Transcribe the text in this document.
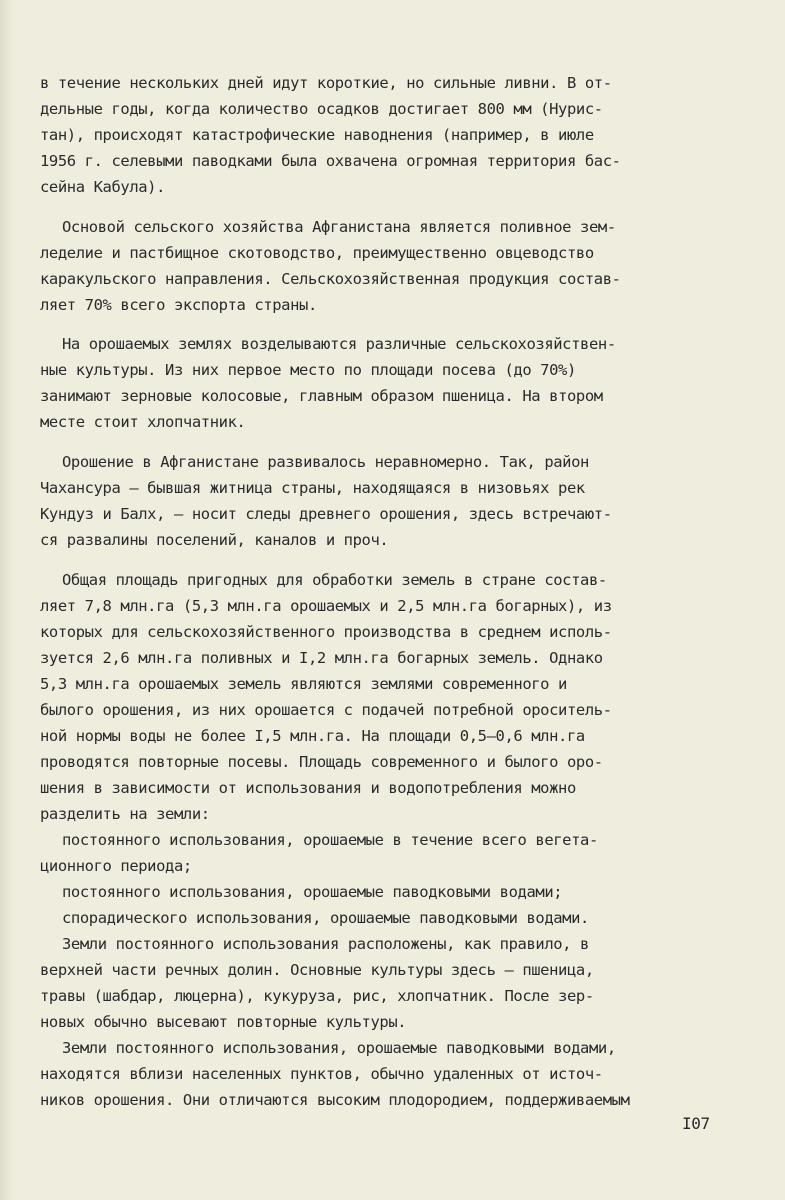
в течение нескольких дней идут короткие, но сильные ливни. В от-
дельные годы, когда количество осадков достигает 800 мм (Нурис-
тан), происходят катастрофические наводнения (например, в июле
1956 г. селевыми паводками была охвачена огромная территория бас-
сейна Кабула).
Основой сельского хозяйства Афганистана является поливное зем-
леделие и пастбищное скотоводство, преимущественно овцеводство
каракульского направления. Сельскохозяйственная продукция состав-
ляет 70% всего экспорта страны.
На орошаемых землях возделываются различные сельскохозяйствен-
ные культуры. Из них первое место по площади посева (до 70%)
занимают зерновые колосовые, главным образом пшеница. На втором
месте стоит хлопчатник.
Орошение в Афганистане развивалось неравномерно. Так, район
Чахансура – бывшая житница страны, находящаяся в низовьях рек
Кундуз и Балх, – носит следы древнего орошения, здесь встречают-
ся развалины поселений, каналов и проч.
Общая площадь пригодных для обработки земель в стране состав-
ляет 7,8 млн.га (5,3 млн.га орошаемых и 2,5 млн.га богарных), из
которых для сельскохозяйственного производства в среднем исполь-
зуется 2,6 млн.га поливных и I,2 млн.га богарных земель. Однако
5,3 млн.га орошаемых земель являются землями современного и
былого орошения, из них орошается с подачей потребной ороситель-
ной нормы воды не более I,5 млн.га. На площади 0,5–0,6 млн.га
проводятся повторные посевы. Площадь современного и былого оро-
шения в зависимости от использования и водопотребления можно
разделить на земли:
постоянного использования, орошаемые в течение всего вегета-
ционного периода;
постоянного использования, орошаемые паводковыми водами;
спорадического использования, орошаемые паводковыми водами.
Земли постоянного использования расположены, как правило, в
верхней части речных долин. Основные культуры здесь – пшеница,
травы (шабдар, люцерна), кукуруза, рис, хлопчатник. После зер-
новых обычно высевают повторные культуры.
Земли постоянного использования, орошаемые паводковыми водами,
находятся вблизи населенных пунктов, обычно удаленных от источ-
ников орошения. Они отличаются высоким плодородием, поддерживаемым
I07
